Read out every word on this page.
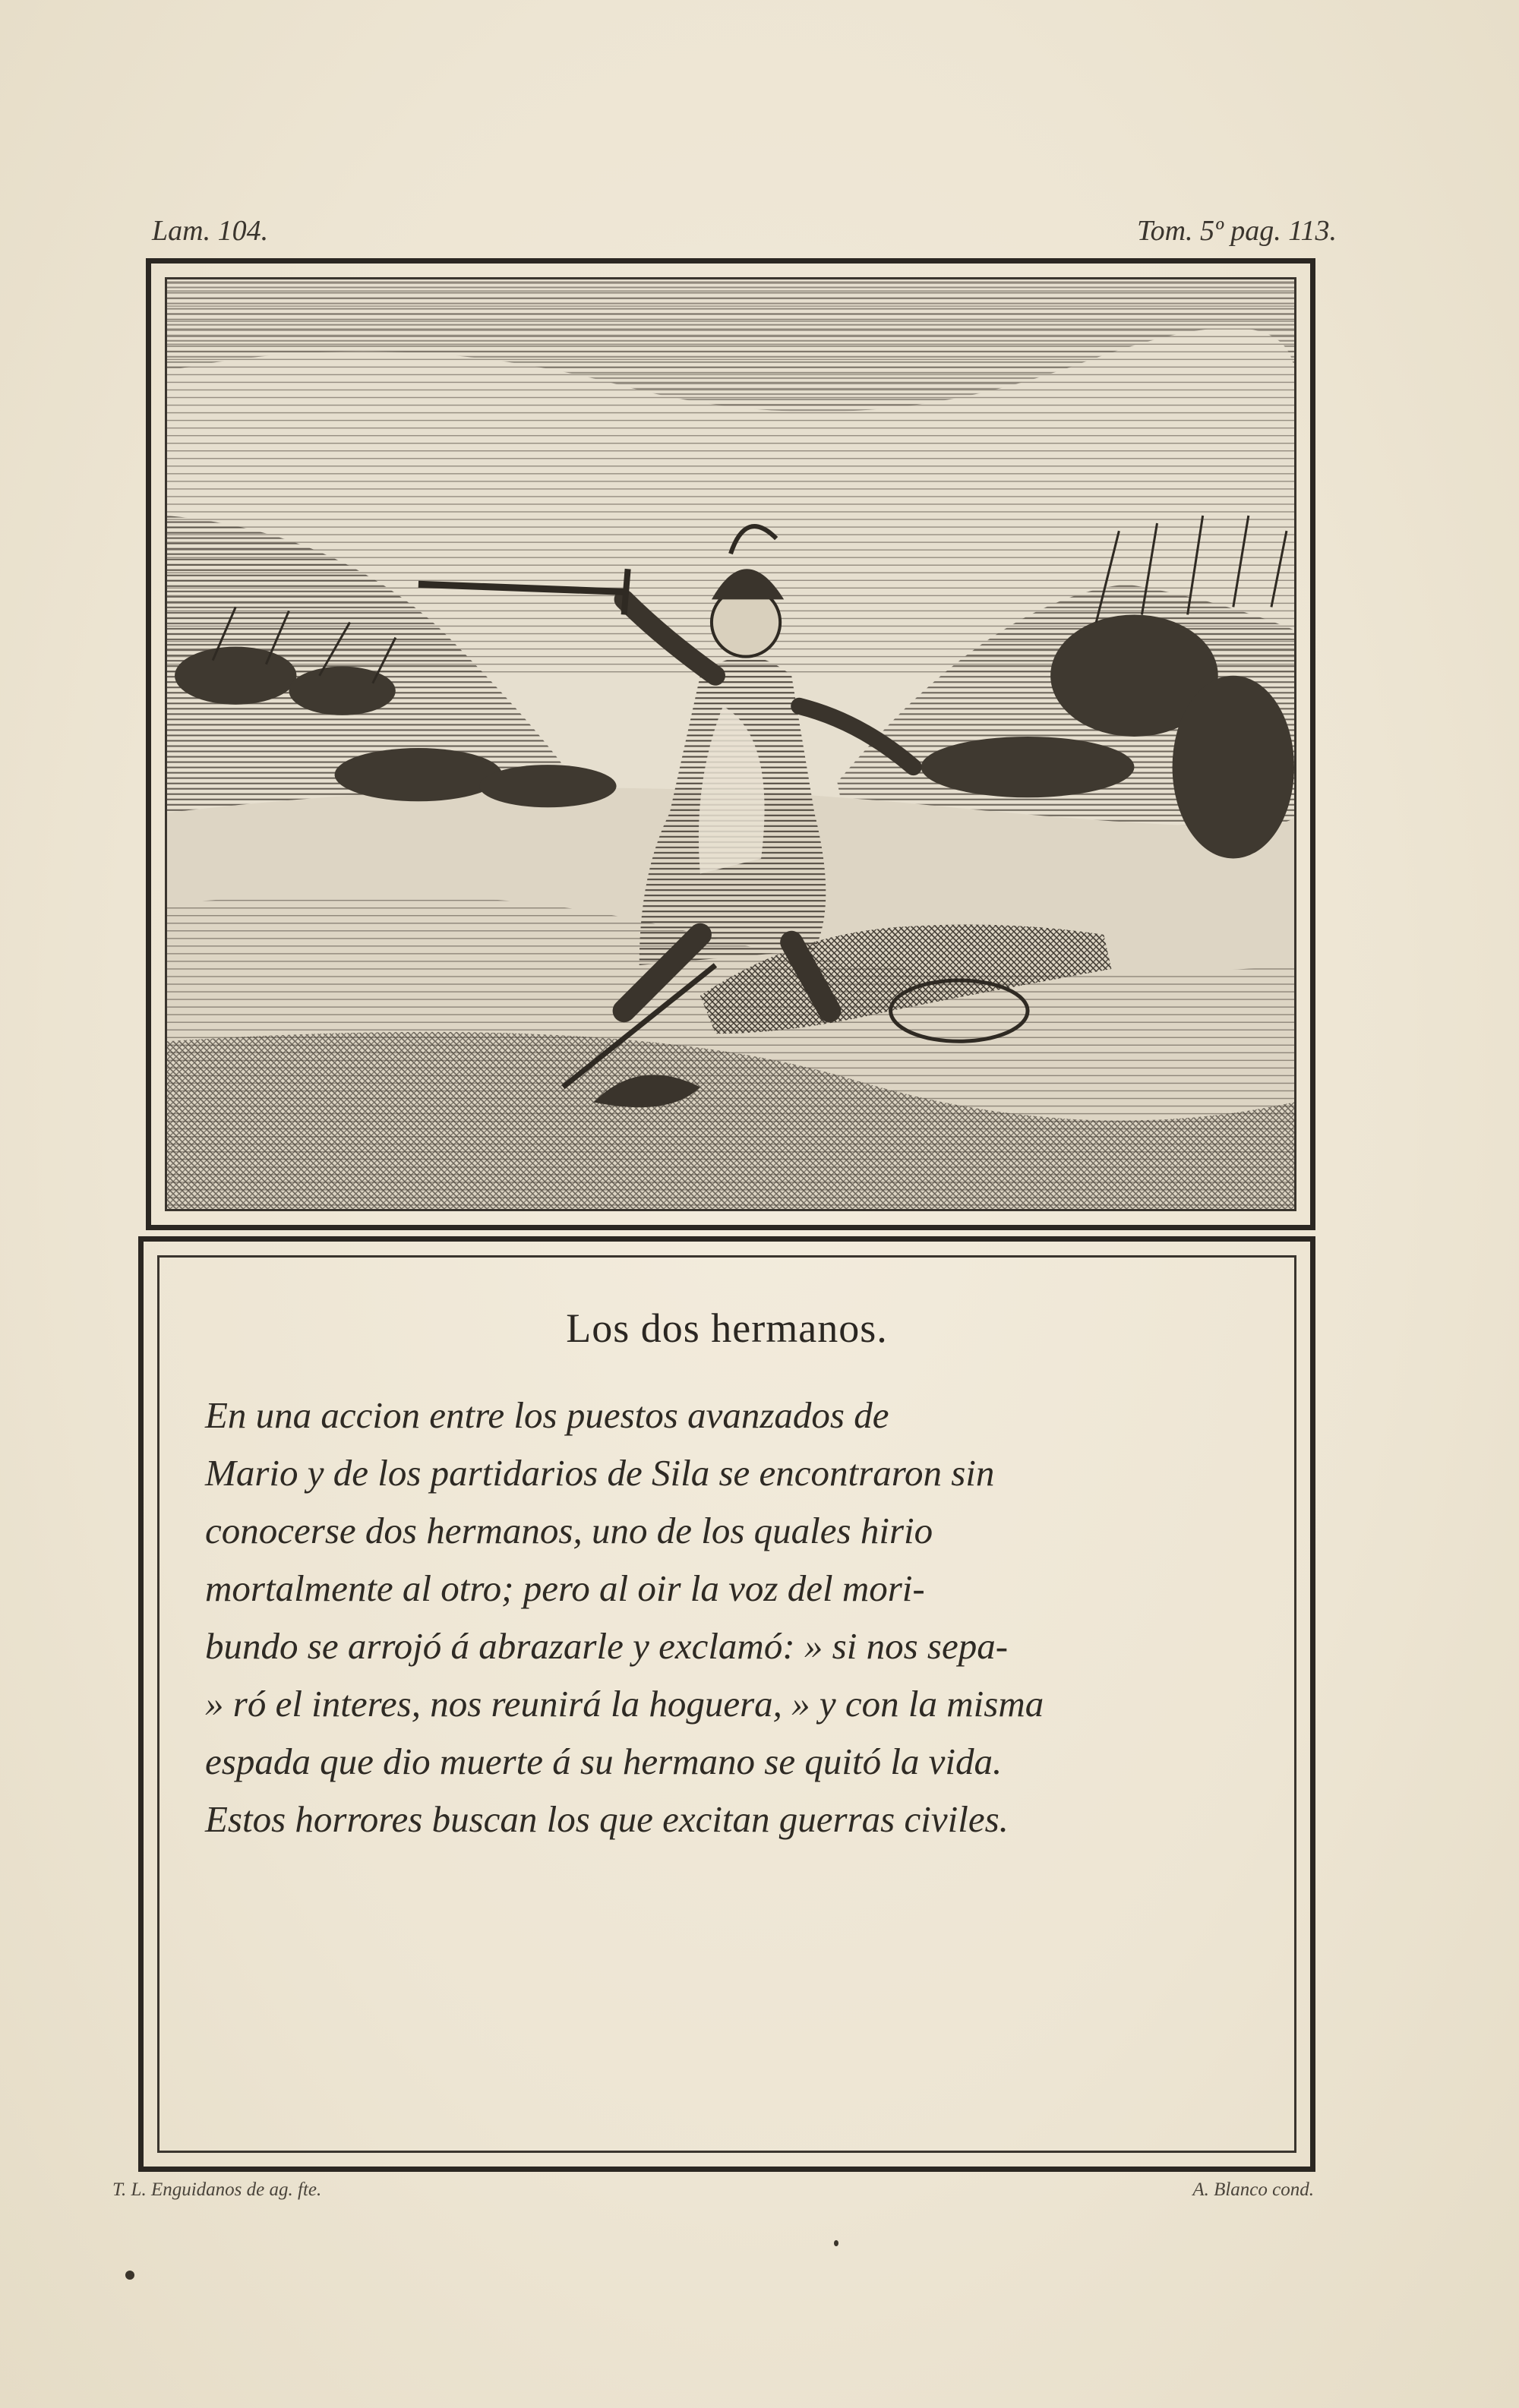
Lam. 104.	Tom. 5º pag. 113.
Los dos hermanos.
En una accion entre los puestos avanzados de
Mario y de los partidarios de Sila se encontraron sin
conocerse dos hermanos, uno de los quales hirio
mortalmente al otro; pero al oir la voz del mori-
bundo se arrojó á abrazarle y exclamó: » si nos sepa-
» ró el interes, nos reunirá la hoguera, » y con la misma
espada que dio muerte á su hermano se quitó la vida.
Estos horrores buscan los que excitan guerras civiles.
T. L. Enguidanos de ag. fte.	A. Blanco cond.
